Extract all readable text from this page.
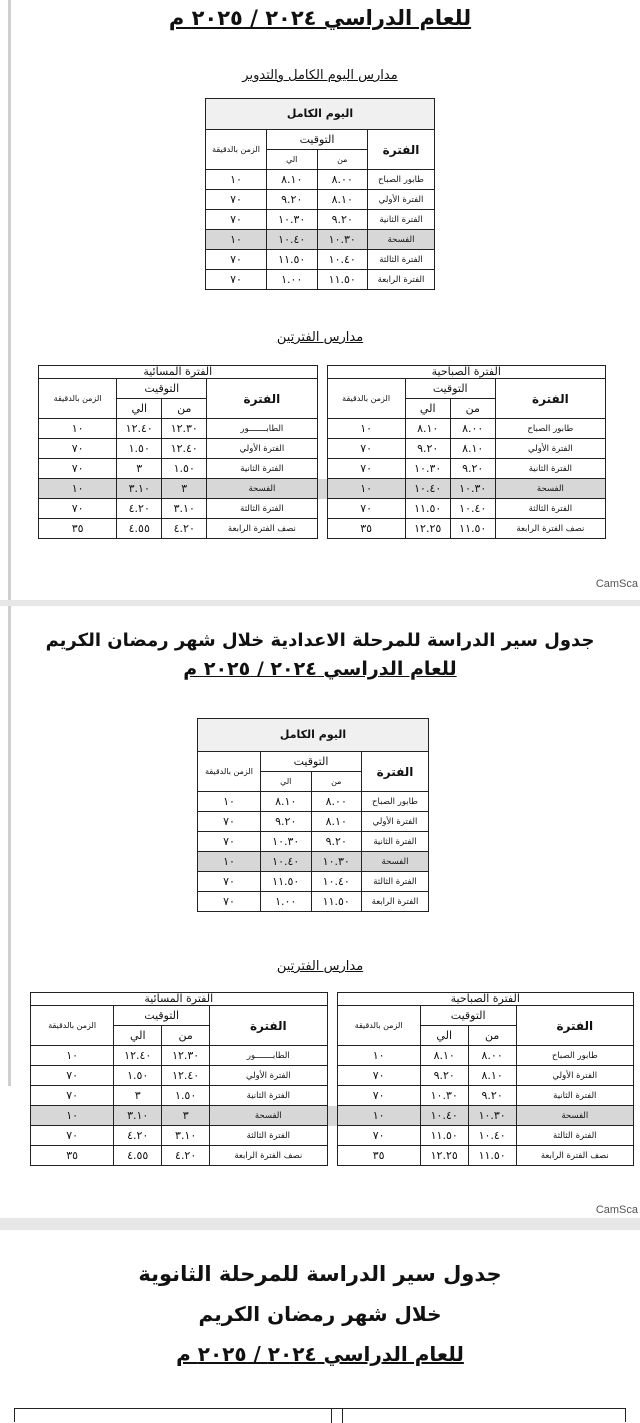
للعام الدراسي ٢٠٢٤ / ٢٠٢٥ م
مدارس اليوم الكامل والتدوير
اليوم الكامل			
الفترة	التوقيت		الزمن بالدقيقة
	من	الي	
طابور الصباح	٨.٠٠	٨.١٠	١٠
الفترة الأولي	٨.١٠	٩.٢٠	٧٠
الفترة الثانية	٩.٢٠	١٠.٣٠	٧٠
الفسحة	١٠.٣٠	١٠.٤٠	١٠
الفترة الثالثة	١٠.٤٠	١١.٥٠	٧٠
الفترة الرابعة	١١.٥٠	١.٠٠	٧٠
مدارس الفترتين
الفترة الصباحية					الفترة المسائية			
الفترة	التوقيت		الزمن بالدقيقة		الفترة	التوقيت		الزمن بالدقيقة
	من	الي				من	الي	
طابور الصباح	٨.٠٠	٨.١٠	١٠		الطابـــــــور	١٢.٣٠	١٢.٤٠	١٠
الفترة الأولي	٨.١٠	٩.٢٠	٧٠		الفترة الأولي	١٢.٤٠	١.٥٠	٧٠
الفترة الثانية	٩.٢٠	١٠.٣٠	٧٠		الفترة الثانية	١.٥٠	٣	٧٠
الفسحة	١٠.٣٠	١٠.٤٠	١٠		الفسحة	٣	٣.١٠	١٠
الفترة الثالثة	١٠.٤٠	١١.٥٠	٧٠		الفترة الثالثة	٣.١٠	٤.٢٠	٧٠
نصف الفترة الرابعة	١١.٥٠	١٢.٢٥	٣٥		نصف الفترة الرابعة	٤.٢٠	٤.٥٥	٣٥
CamSca
جدول سير الدراسة للمرحلة الاعدادية خلال شهر رمضان الكريم
للعام الدراسي ٢٠٢٤ / ٢٠٢٥ م
اليوم الكامل			
الفترة	التوقيت		الزمن بالدقيقة
	من	الي	
طابور الصباح	٨.٠٠	٨.١٠	١٠
الفترة الأولي	٨.١٠	٩.٢٠	٧٠
الفترة الثانية	٩.٢٠	١٠.٣٠	٧٠
الفسحة	١٠.٣٠	١٠.٤٠	١٠
الفترة الثالثة	١٠.٤٠	١١.٥٠	٧٠
الفترة الرابعة	١١.٥٠	١.٠٠	٧٠
مدارس الفترتين
الفترة الصباحية					الفترة المسائية			
الفترة	التوقيت		الزمن بالدقيقة		الفترة	التوقيت		الزمن بالدقيقة
	من	الي				من	الي	
طابور الصباح	٨.٠٠	٨.١٠	١٠		الطابـــــــور	١٢.٣٠	١٢.٤٠	١٠
الفترة الأولي	٨.١٠	٩.٢٠	٧٠		الفترة الأولي	١٢.٤٠	١.٥٠	٧٠
الفترة الثانية	٩.٢٠	١٠.٣٠	٧٠		الفترة الثانية	١.٥٠	٣	٧٠
الفسحة	١٠.٣٠	١٠.٤٠	١٠		الفسحة	٣	٣.١٠	١٠
الفترة الثالثة	١٠.٤٠	١١.٥٠	٧٠		الفترة الثالثة	٣.١٠	٤.٢٠	٧٠
نصف الفترة الرابعة	١١.٥٠	١٢.٢٥	٣٥		نصف الفترة الرابعة	٤.٢٠	٤.٥٥	٣٥
CamSca
جدول سير الدراسة للمرحلة الثانوية
خلال شهر رمضان الكريم
للعام الدراسي ٢٠٢٤ / ٢٠٢٥ م
